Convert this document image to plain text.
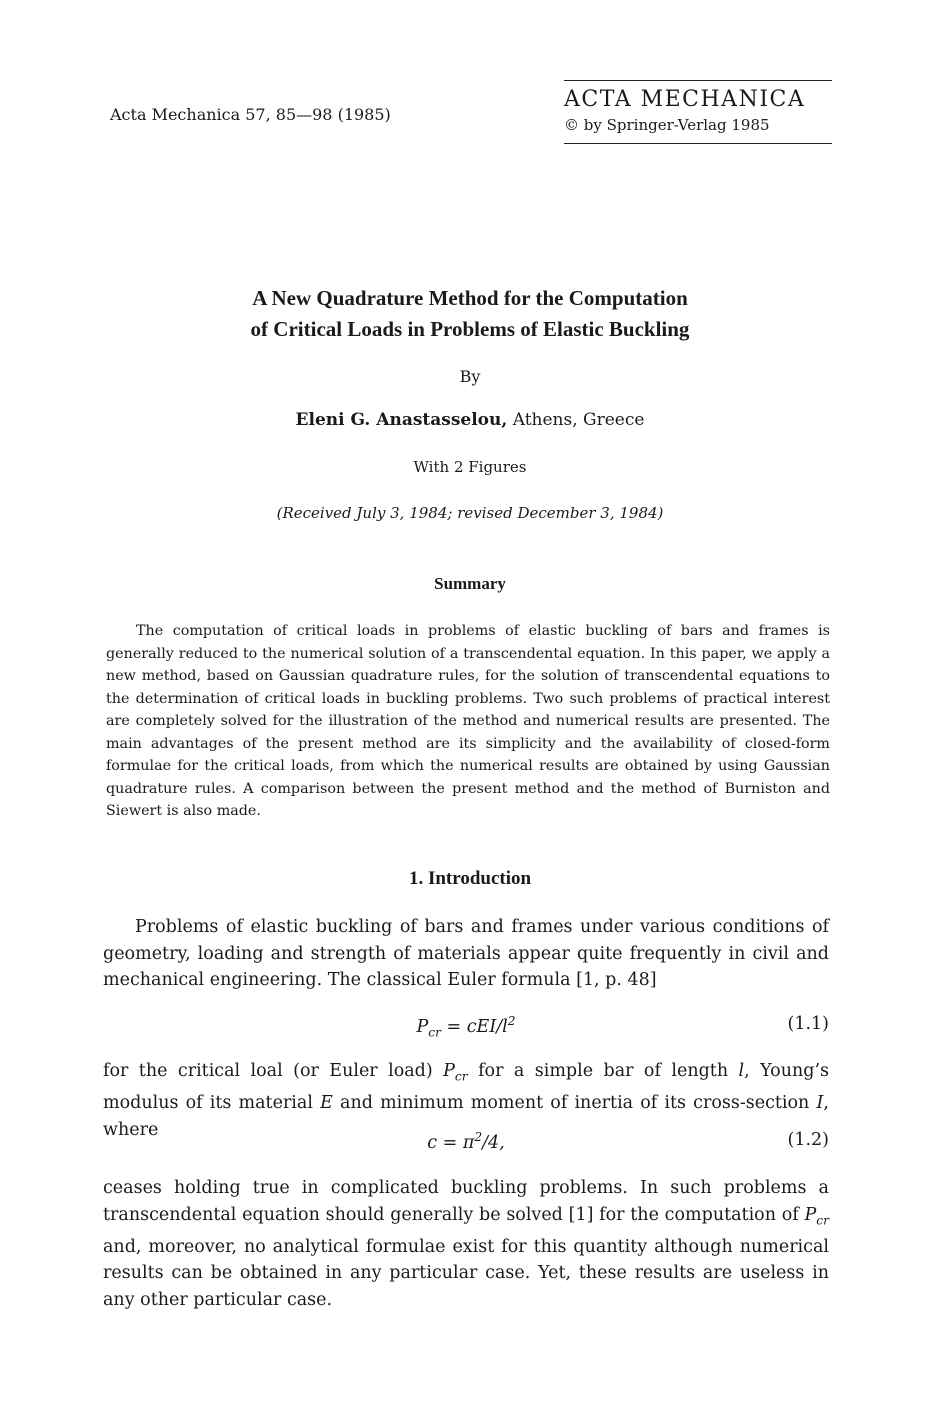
Acta Mechanica 57, 85—98 (1985)
ACTA MECHANICA
© by Springer-Verlag 1985
A New Quadrature Method for the Computation
of Critical Loads in Problems of Elastic Buckling
By
Eleni G. Anastasselou, Athens, Greece
With 2 Figures
(Received July 3, 1984; revised December 3, 1984)
Summary
The computation of critical loads in problems of elastic buckling of bars and frames is generally reduced to the numerical solution of a transcendental equation. In this paper, we apply a new method, based on Gaussian quadrature rules, for the solution of transcendental equations to the determination of critical loads in buckling problems. Two such problems of practical interest are completely solved for the illustration of the method and numerical results are presented. The main advantages of the present method are its simplicity and the availability of closed-form formulae for the critical loads, from which the numerical results are obtained by using Gaussian quadrature rules. A comparison between the present method and the method of Burniston and Siewert is also made.
1. Introduction
Problems of elastic buckling of bars and frames under various conditions of geometry, loading and strength of materials appear quite frequently in civil and mechanical engineering. The classical Euler formula [1, p. 48]
$P_{cr} = cEI/l^2$	(1.1)
for the critical loal (or Euler load) $P_{cr}$ for a simple bar of length l, Young’s modulus of its material E and minimum moment of inertia of its cross-section I, where
$c = \pi^2/4$,	(1.2)
ceases holding true in complicated buckling problems. In such problems a transcendental equation should generally be solved [1] for the computation of $P_{cr}$ and, moreover, no analytical formulae exist for this quantity although numerical results can be obtained in any particular case. Yet, these results are useless in any other particular case.
